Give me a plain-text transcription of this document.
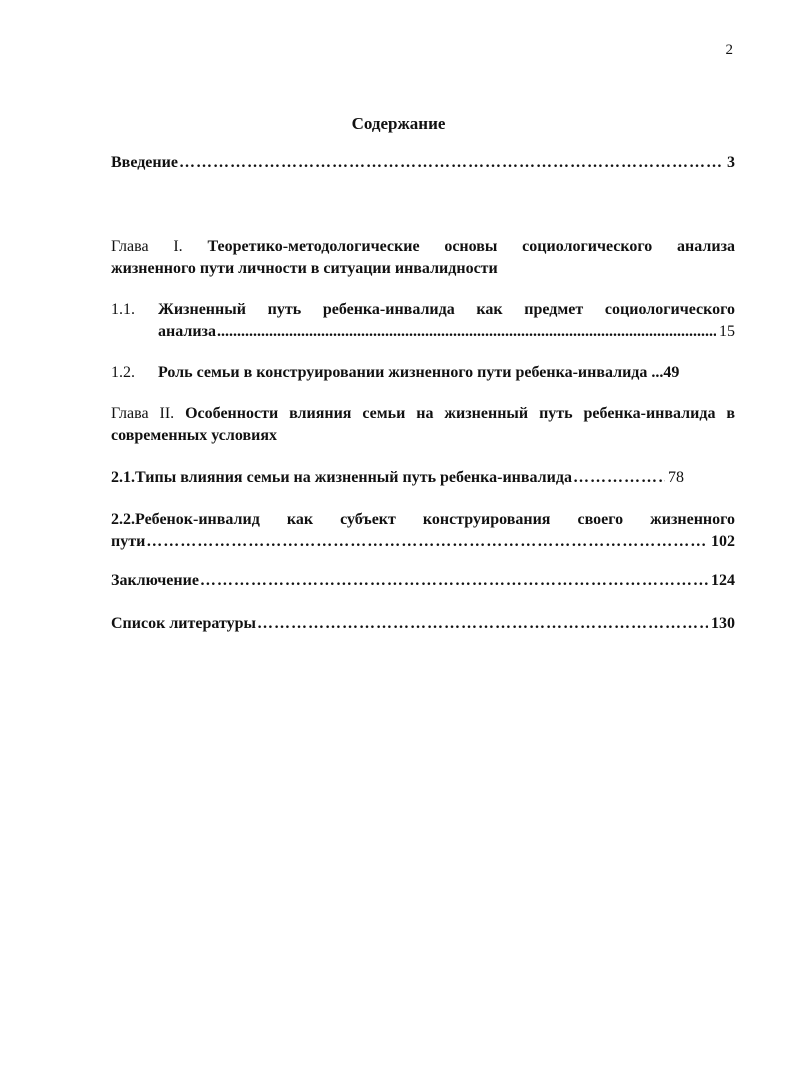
2
Содержание
Введение …………………………………………………………………………………………………………………………………………………………………………………………………………	3
Глава I. Теоретико-методологические основы социологического анализа
жизненного пути личности в ситуации инвалидности
1.1. Жизненный путь ребенка-инвалида как предмет социологического
анализа .....	15
1.2.	Роль семьи в конструировании жизненного пути ребенка-инвалида ... 49
Глава II. Особенности влияния семьи на жизненный путь ребенка-инвалида в
современных условиях
2.1.Типы влияния семьи на жизненный путь ребенка-инвалида …………………………………………………………………………………………………………………………………………………………………………………………………………	78
2.2.Ребенок-инвалид как субъект конструирования своего жизненного
пути …………………………………………………………………………………………………………………………………………………………………………………………………………	102
Заключение …………………………………………………………………………………………………………………………………………………………………………………………………………	124
Список литературы …………………………………………………………………………………………………………………………………………………………………………………………………………	130
